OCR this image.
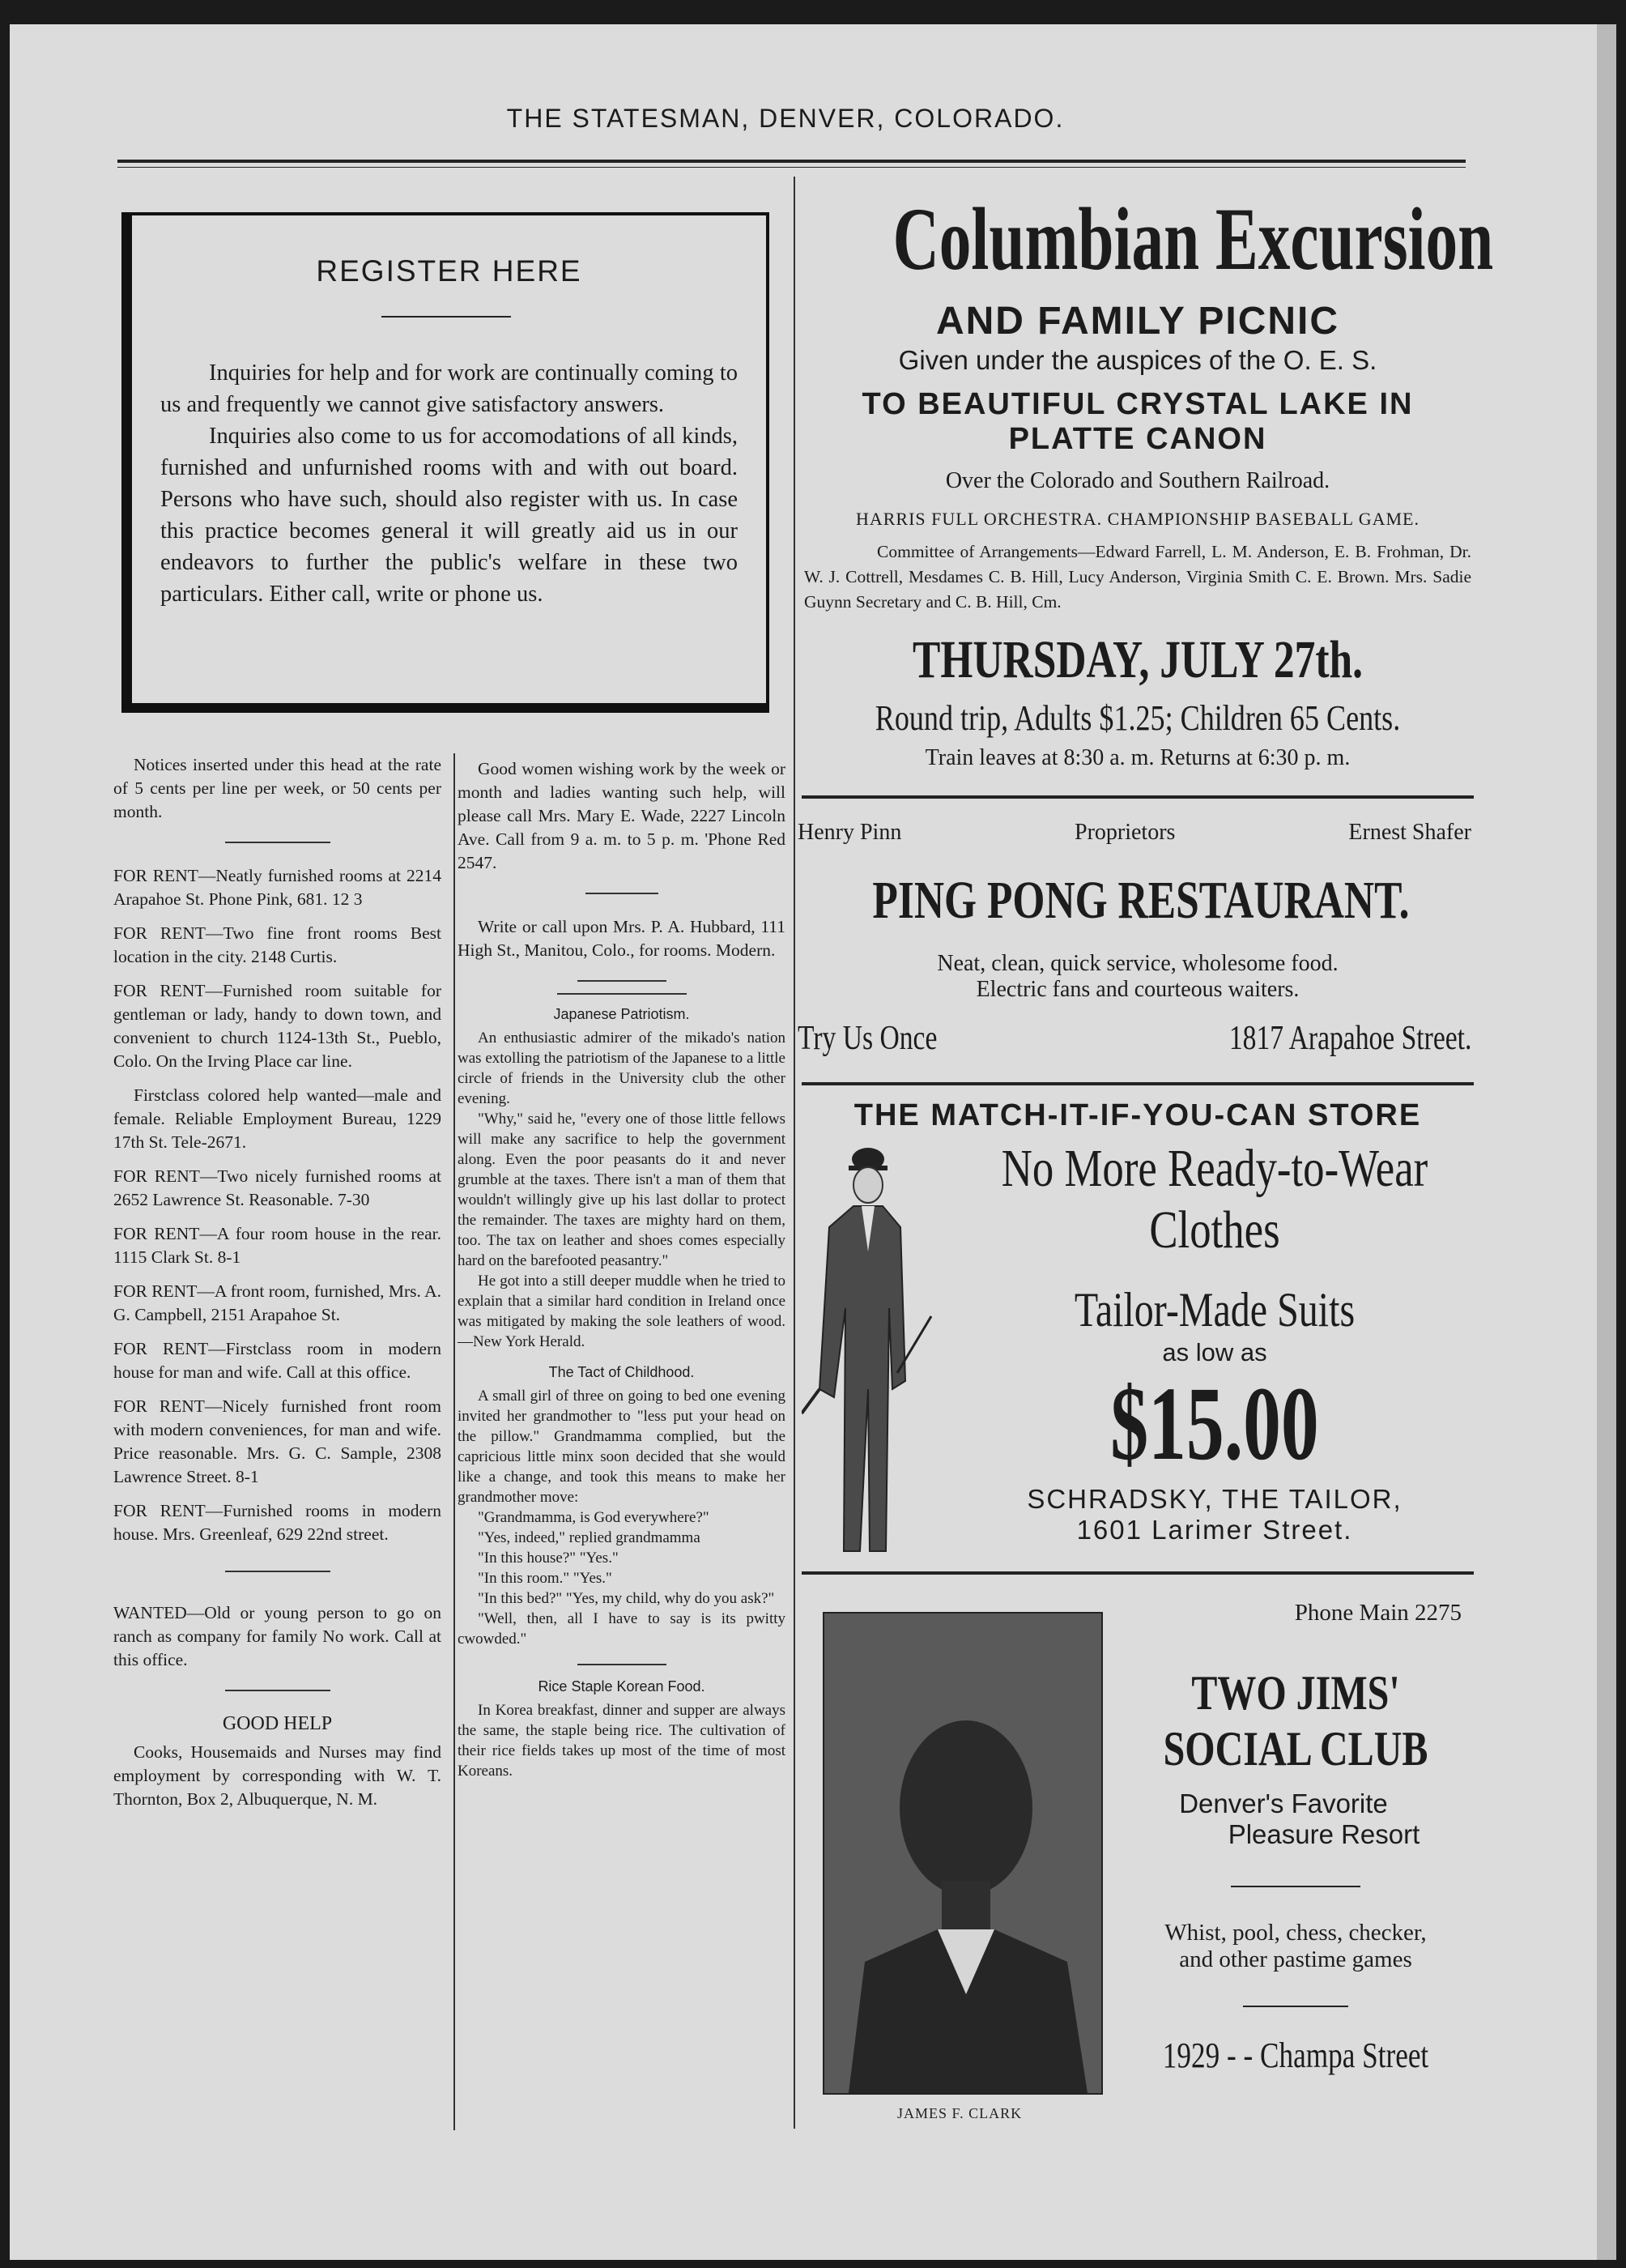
THE STATESMAN, DENVER, COLORADO.
REGISTER HERE

Inquiries for help and for work are continually coming to us and frequently we cannot give satisfactory answers.

Inquiries also come to us for accomodations of all kinds, furnished and unfurnished rooms with and with out board. Persons who have such, should also register with us. In case this practice becomes general it will greatly aid us in our endeavors to further the public's welfare in these two particulars. Either call, write or phone us.

Notices inserted under this head at the rate of 5 cents per line per week, or 50 cents per month.

FOR RENT—Neatly furnished rooms at 2214 Arapahoe St. Phone Pink, 681. 12 3

FOR RENT—Two fine front rooms Best location in the city. 2148 Curtis.

FOR RENT—Furnished room suitable for gentleman or lady, handy to down town, and convenient to church 1124-13th St., Pueblo, Colo. On the Irving Place car line.

Firstclass colored help wanted—male and female. Reliable Employment Bureau, 1229 17th St. Tele-2671.

FOR RENT—Two nicely furnished rooms at 2652 Lawrence St. Reasonable. 7-30

FOR RENT—A four room house in the rear. 1115 Clark St. 8-1

FOR RENT—A front room, furnished, Mrs. A. G. Campbell, 2151 Arapahoe St.

FOR RENT—Firstclass room in modern house for man and wife. Call at this office.

FOR RENT—Nicely furnished front room with modern conveniences, for man and wife. Price reasonable. Mrs. G. C. Sample, 2308 Lawrence Street. 8-1

FOR RENT—Furnished rooms in modern house. Mrs. Greenleaf, 629 22nd street.

WANTED—Old or young person to go on ranch as company for family No work. Call at this office.

GOOD HELP

Cooks, Housemaids and Nurses may find employment by corresponding with W. T. Thornton, Box 2, Albuquerque, N. M.

Good women wishing work by the week or month and ladies wanting such help, will please call Mrs. Mary E. Wade, 2227 Lincoln Ave. Call from 9 a. m. to 5 p. m. 'Phone Red 2547.

Write or call upon Mrs. P. A. Hubbard, 111 High St., Manitou, Colo., for rooms. Modern.

Japanese Patriotism.

An enthusiastic admirer of the mikado's nation was extolling the patriotism of the Japanese to a little circle of friends in the University club the other evening.

"Why," said he, "every one of those little fellows will make any sacrifice to help the government along. Even the poor peasants do it and never grumble at the taxes. There isn't a man of them that wouldn't willingly give up his last dollar to protect the remainder. The taxes are mighty hard on them, too. The tax on leather and shoes comes especially hard on the barefooted peasantry."

He got into a still deeper muddle when he tried to explain that a similar hard condition in Ireland once was mitigated by making the sole leathers of wood.—New York Herald.

The Tact of Childhood.

A small girl of three on going to bed one evening invited her grandmother to "less put your head on the pillow." Grandmamma complied, but the capricious little minx soon decided that she would like a change, and took this means to make her grandmother move:

"Grandmamma, is God everywhere?"

"Yes, indeed," replied grandmamma

"In this house?" "Yes."

"In this room." "Yes."

"In this bed?" "Yes, my child, why do you ask?"

"Well, then, all I have to say is its pwitty cwowded."

Rice Staple Korean Food.

In Korea breakfast, dinner and supper are always the same, the staple being rice. The cultivation of their rice fields takes up most of the time of most Koreans.

Columbian Excursion
AND FAMILY PICNIC
Given under the auspices of the O. E. S.
TO BEAUTIFUL CRYSTAL LAKE IN
PLATTE CANON
Over the Colorado and Southern Railroad.
HARRIS FULL ORCHESTRA. CHAMPIONSHIP BASEBALL GAME.
Committee of Arrangements—Edward Farrell, L. M. Anderson, E. B. Frohman, Dr. W. J. Cottrell, Mesdames C. B. Hill, Lucy Anderson, Virginia Smith C. E. Brown. Mrs. Sadie Guynn Secretary and C. B. Hill, Cm.
THURSDAY, JULY 27th.
Round trip, Adults $1.25; Children 65 Cents.
Train leaves at 8:30 a. m. Returns at 6:30 p. m.
Henry Pinn	Proprietors	Ernest Shafer
PING PONG RESTAURANT.
Neat, clean, quick service, wholesome food.
Electric fans and courteous waiters.
Try Us Once	1817 Arapahoe Street.
THE MATCH-IT-IF-YOU-CAN STORE
No More Ready-to-Wear
Clothes
Tailor-Made Suits
as low as
$15.00
SCHRADSKY, THE TAILOR,
1601 Larimer Street.
JAMES F. CLARK
Phone Main 2275
TWO JIMS'
SOCIAL CLUB
Denver's Favorite
Pleasure Resort
Whist, pool, chess, checker,
and other pastime games
1929 - - Champa Street
